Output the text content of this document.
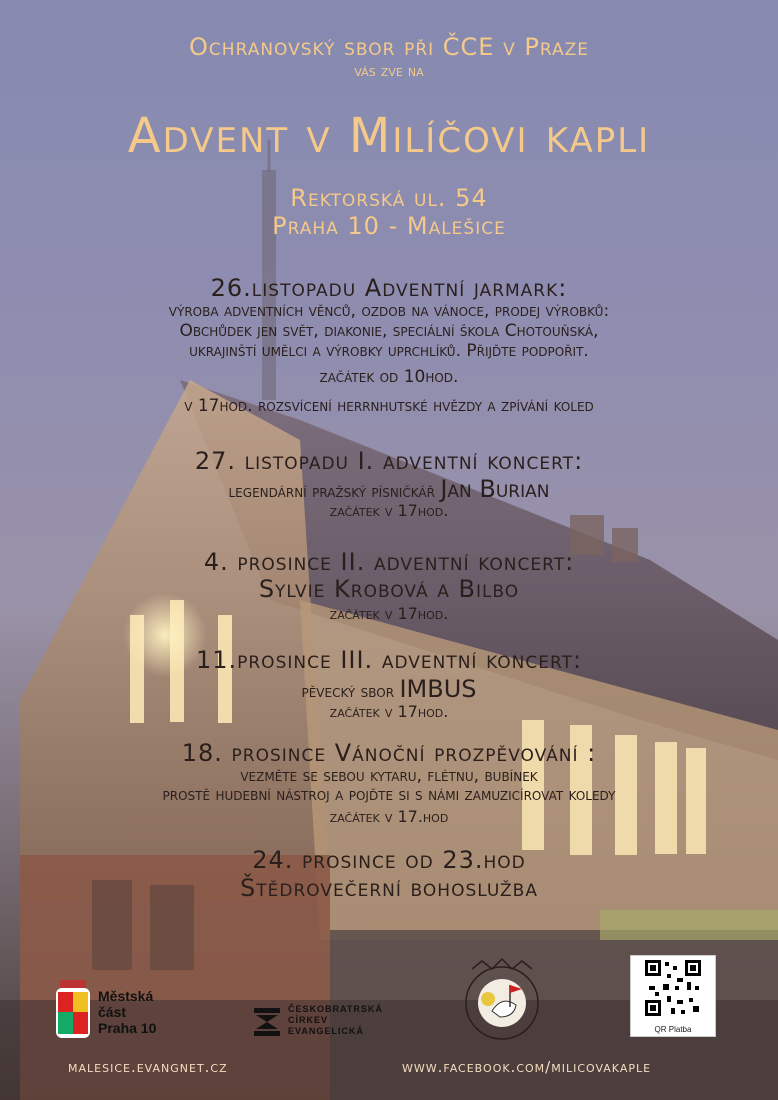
Ochranovský sbor při ČCE v Praze
vás zve na
Advent v Milíčovi kapli
Rektorská ul. 54
Praha 10 - Malešice
26.listopadu Adventní jarmark:
výroba adventních věnců, ozdob na vánoce, prodej výrobků:
Obchůdek jen svět, diakonie, speciální škola Chotouňská,
ukrajinští umělci a výrobky uprchlíků. Přijďte podpořit.
začátek od 10hod.
v 17hod. rozsvícení herrnhutské hvězdy a zpívání koled
27. listopadu I. adventní koncert:
legendární pražský písničkář Jan Burian
začátek v 17hod.
4. prosince II. adventní koncert:
Sylvie Krobová a Bilbo
začátek v 17hod.
11.prosince III. adventní koncert:
pěvecký sbor IMBUS
začátek v 17hod.
18. prosince Vánoční prozpěvování :
vezměte se sebou kytaru, flétnu, bubínek
prostě hudební nástroj a pojďte si s námi zamuzicírovat koledy
začátek v 17.hod
24. prosince od 23.hod
Štědrovečerní bohoslužba
Městská
část
Praha 10
ČESKOBRATRSKÁ
CÍRKEV
EVANGELICKÁ	QR Platba
malesice.evangnet.cz	www.facebook.com/milicovakaple
